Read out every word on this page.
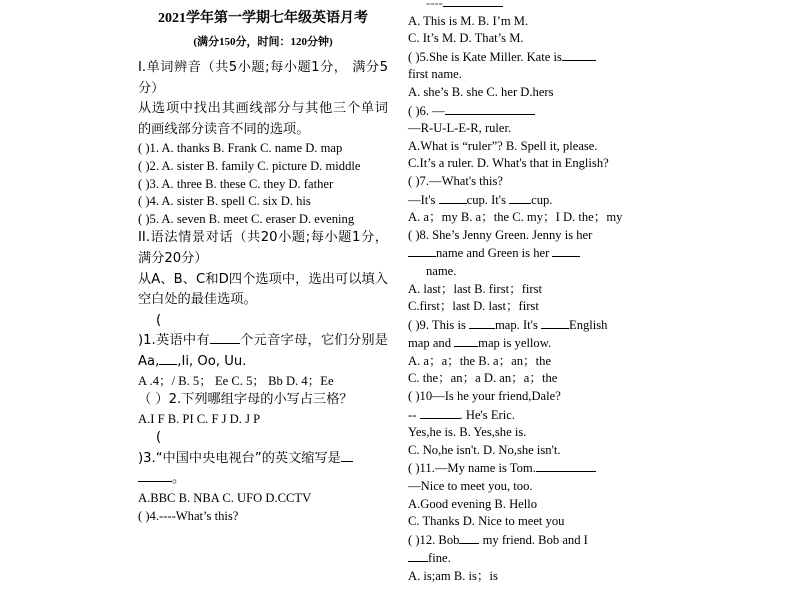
2021学年第一学期七年级英语月考

(满分150分，时间：120分钟)

I.单词辨音（共5小题;每小题1分， 满分5分）

从选项中找出其画线部分与其他三个单词的画线部分读音不同的选项。

( )1. A. thanks B. Frank C. name D. map

( )2. A. sister B. family C. picture D. middle

( )3. A. three B. these C. they D. father

( )4. A. sister B. spell C. six D. his

( )5. A. seven B. meet C. eraser D. evening

II.语法情景对话（共20小题;每小题1分， 满分20分）

从A、B、C和D四个选项中，选出可以填入空白处的最佳选项。

(

)1.英语中有 个元音字母，它们分别是Aa, ,Ii, Oo, Uu.

A .4；/ B. 5； Ee C. 5； Bb D. 4；Ee

（ ）2.下列哪组字母的小写占三格？

A.I F B. PI C. F J D. J P

(

)3.“中国中央电视台”的英文缩写是
。

A.BBC B. NBA C. UFO D.CCTV

( )4.----What’s this?

----

A. This is M. B. I’m M.

C. It’s M. D. That’s M.

( )5.She is Kate Miller. Kate is

first name.

A. she’s B. she C. her D.hers

( )6. —

—R-U-L-E-R, ruler.

A.What is “ruler”? B. Spell it, please.

C.It’s a ruler. D. What's that in English?

( )7.—What's this?

—It's cup. It's cup.

A. a；my B. a；the C. my；I D. the；my

( )8. She’s Jenny Green. Jenny is her

name and Green is her

name.

A. last；last B. first；first

C.first；last D. last；first

( )9. This is map. It's English

map and map is yellow.

A. a；a；the B. a；an；the

C. the；an；a D. an；a；the

( )10—Is he your friend,Dale?

--	. He's Eric.

Yes,he is. B. Yes,she is.

C. No,he isn't. D. No,she isn't.

( )11.—My name is Tom.

—Nice to meet you, too.

A.Good evening B. Hello

C. Thanks D. Nice to meet you

( )12. Bob my friend. Bob and I

fine.

A. is;am B. is；is
